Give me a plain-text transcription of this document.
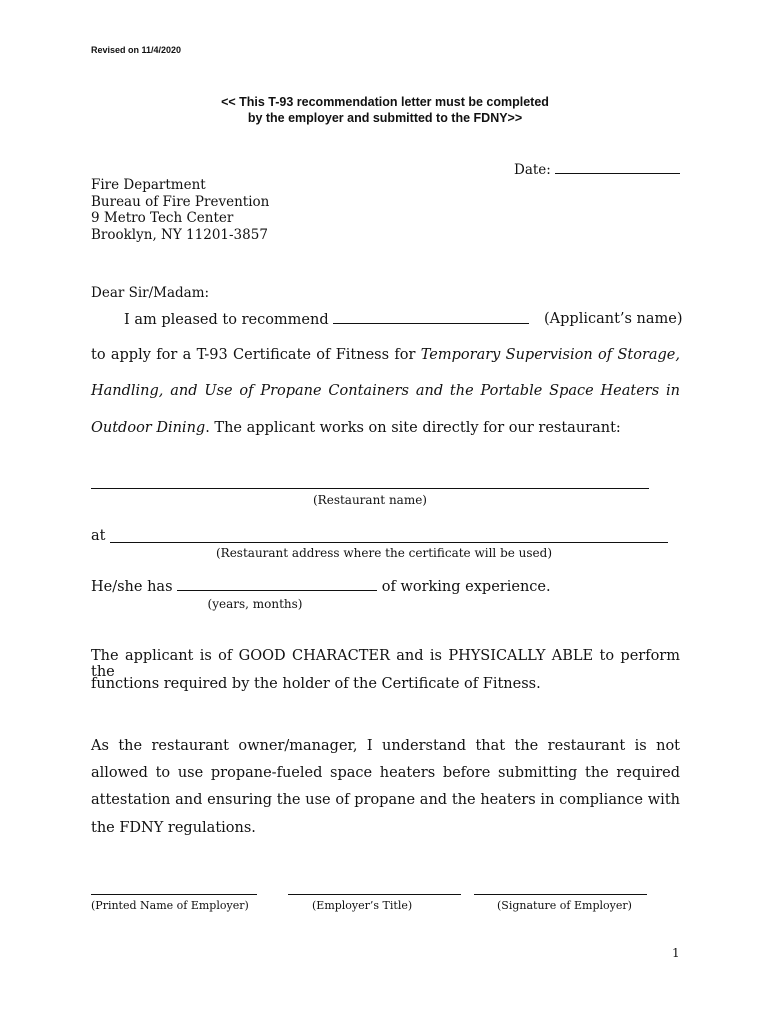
Revised on 11/4/2020
<< This T-93 recommendation letter must be completed
by the employer and submitted to the FDNY>>
Date:
Fire Department
Bureau of Fire Prevention
9 Metro Tech Center
Brooklyn, NY 11201-3857
Dear Sir/Madam:
I am pleased to recommend	(Applicant’s name)
to apply for a T-93 Certificate of Fitness for Temporary Supervision of Storage,
Handling, and Use of Propane Containers and the Portable Space Heaters in
Outdoor Dining. The applicant works on site directly for our restaurant:
(Restaurant name)
at
(Restaurant address where the certificate will be used)
He/she has	of working experience.
(years, months)
The applicant is of GOOD CHARACTER and is PHYSICALLY ABLE to perform the
functions required by the holder of the Certificate of Fitness.
As the restaurant owner/manager, I understand that the restaurant is not
allowed to use propane-fueled space heaters before submitting the required
attestation and ensuring the use of propane and the heaters in compliance with
the FDNY regulations.
(Printed Name of Employer)	(Employer’s Title)	(Signature of Employer)
1
